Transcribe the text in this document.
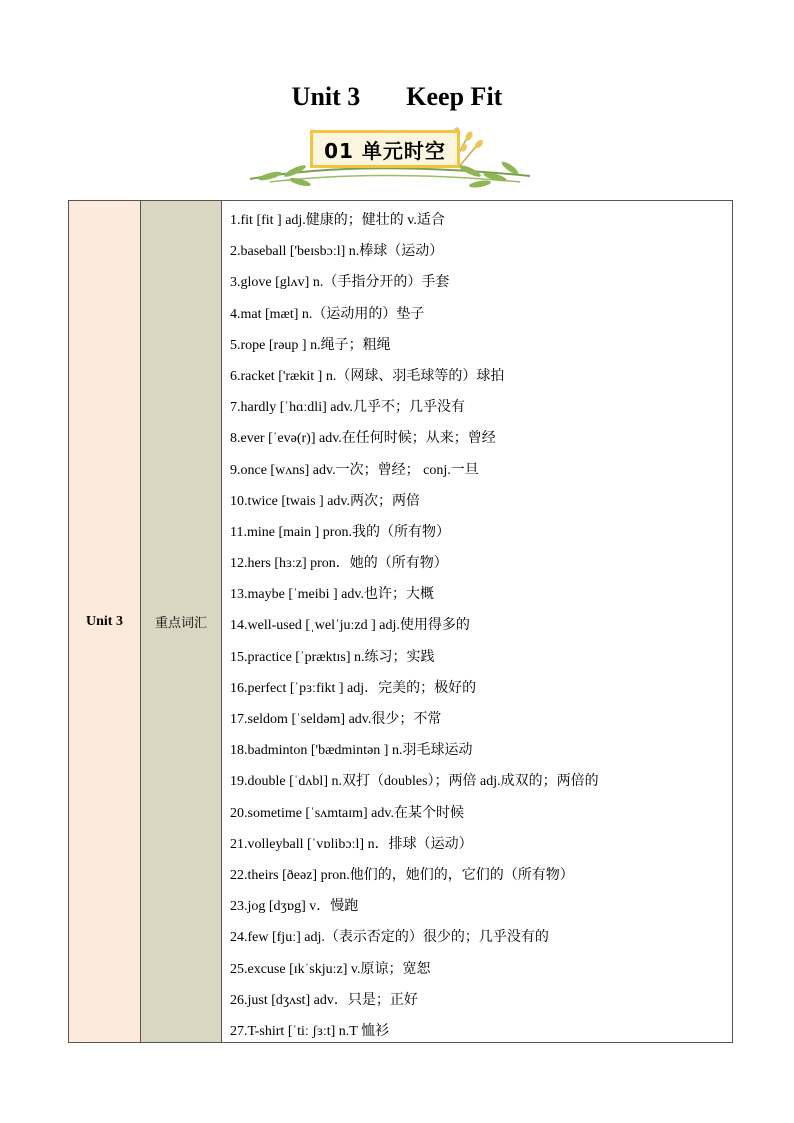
Unit 3 Keep Fit
01 单元时空
Unit 3	重点词汇
1.fit [fit ] adj.健康的；健壮的 v.适合
2.baseball ['beɪsbɔːl] n.棒球（运动）
3.glove [glʌv] n.（手指分开的）手套
4.mat [mæt] n.（运动用的）垫子
5.rope [rəup ] n.绳子；粗绳
6.racket ['rækit ] n.（网球、羽毛球等的）球拍
7.hardly [ˈhɑːdli] adv.几乎不；几乎没有
8.ever [ˈevə(r)] adv.在任何时候；从来；曾经
9.once [wʌns] adv.一次；曾经； conj.一旦
10.twice [twais ] adv.两次；两倍
11.mine [main ] pron.我的（所有物）
12.hers [hɜːz] pron．她的（所有物）
13.maybe [ˈmeibi ] adv.也许；大概
14.well-used [ˌwelˈjuːzd ] adj.使用得多的
15.practice [ˈpræktɪs] n.练习；实践
16.perfect [ˈpɜːfikt ] adj．完美的；极好的
17.seldom [ˈseldəm] adv.很少；不常
18.badminton ['bædmintən ] n.羽毛球运动
19.double [ˈdʌbl] n.双打（doubles）；两倍 adj.成双的；两倍的
20.sometime [ˈsʌmtaɪm] adv.在某个时候
21.volleyball [ˈvɒlibɔːl] n．排球（运动）
22.theirs [ðeəz] pron.他们的，她们的，它们的（所有物）
23.jog [dʒɒg] v．慢跑
24.few [fjuː] adj.（表示否定的）很少的；几乎没有的
25.excuse [ɪkˈskjuːz] v.原谅；宽恕
26.just [dʒʌst] adv．只是；正好
27.T-shirt [ˈtiː ʃɜːt] n.T 恤衫
